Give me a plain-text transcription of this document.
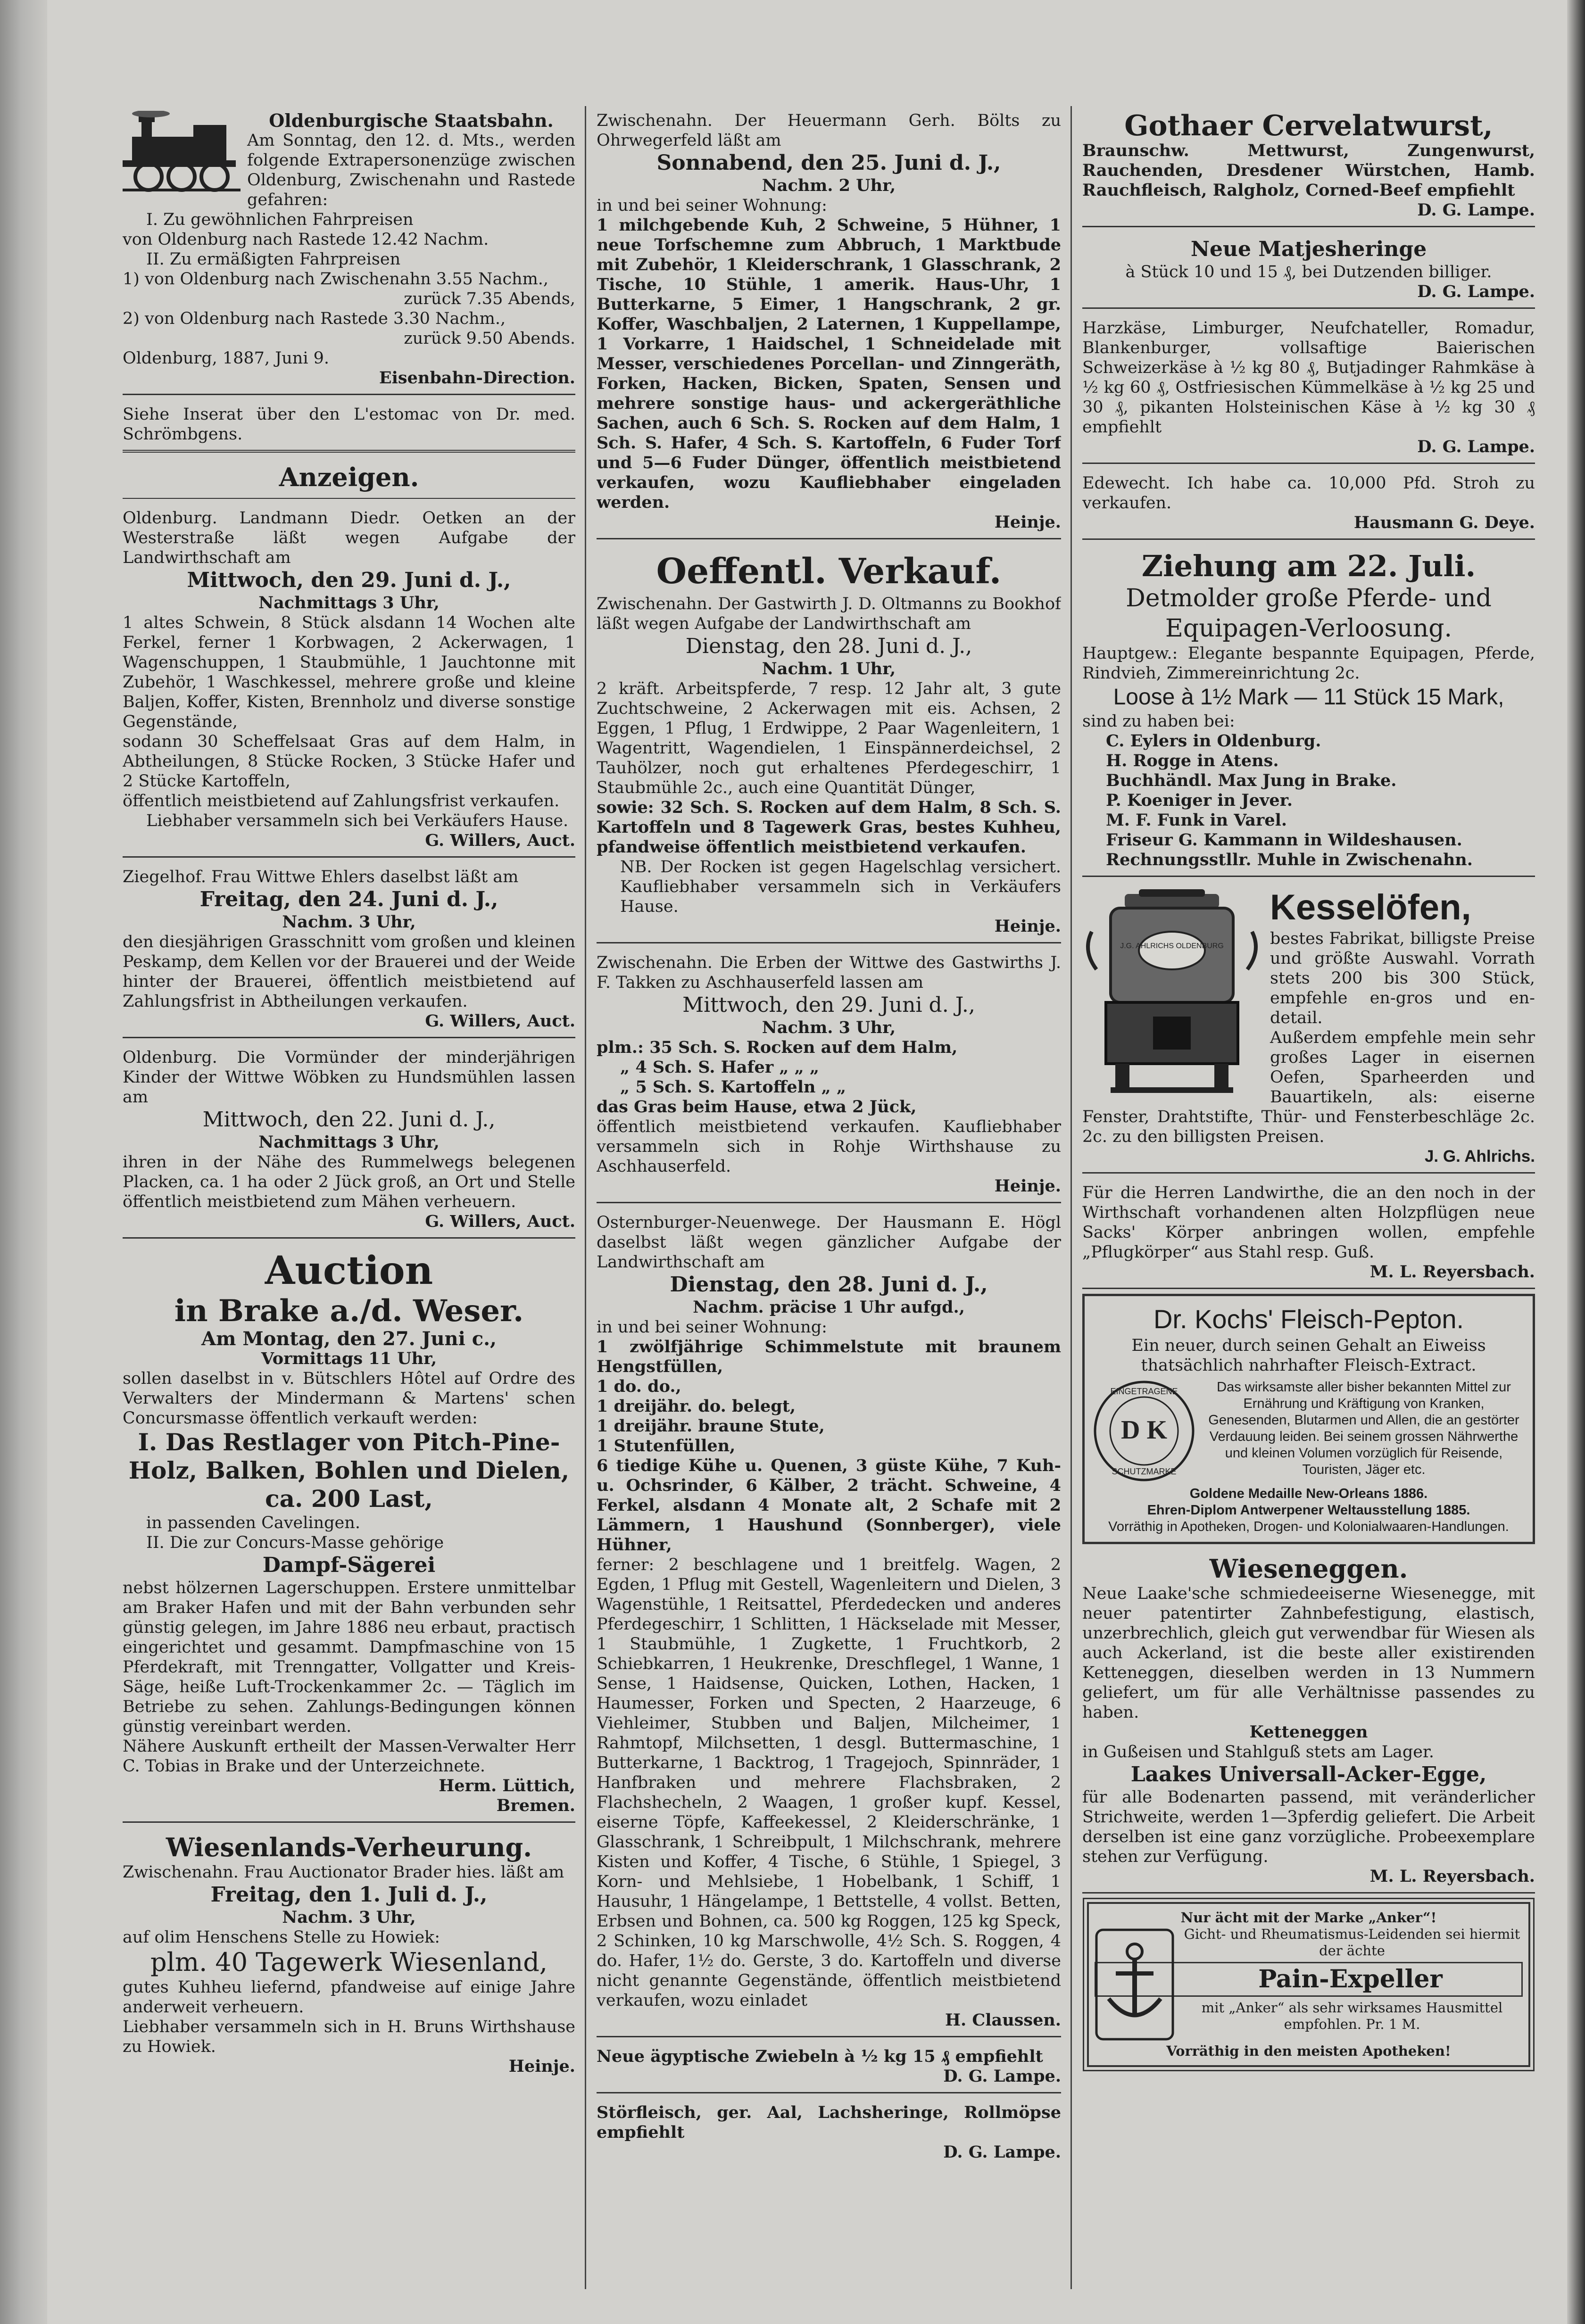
Oldenburgische Staatsbahn.

Am Sonntag, den 12. d. Mts., werden folgende Extrapersonenzüge zwischen Oldenburg, Zwischenahn und Rastede gefahren:

I. Zu gewöhnlichen Fahrpreisen

von Oldenburg nach Rastede 12.42 Nachm.

II. Zu ermäßigten Fahrpreisen

1) von Oldenburg nach Zwischenahn 3.55 Nachm.,

zurück 7.35 Abends,

2) von Oldenburg nach Rastede 3.30 Nachm.,

zurück 9.50 Abends.

Oldenburg, 1887, Juni 9.

Eisenbahn-Direction.

Siehe Inserat über den L'estomac von Dr. med. Schrömbgens.

Anzeigen.

Oldenburg. Landmann Diedr. Oetken an der Westerstraße läßt wegen Aufgabe der Landwirthschaft am

Mittwoch, den 29. Juni d. J.,

Nachmittags 3 Uhr,

1 altes Schwein, 8 Stück alsdann 14 Wochen alte Ferkel, ferner 1 Korbwagen, 2 Ackerwagen, 1 Wagenschuppen, 1 Staubmühle, 1 Jauchtonne mit Zubehör, 1 Waschkessel, mehrere große und kleine Baljen, Koffer, Kisten, Brennholz und diverse sonstige Gegenstände,

sodann 30 Scheffelsaat Gras auf dem Halm, in Abtheilungen, 8 Stücke Rocken, 3 Stücke Hafer und 2 Stücke Kartoffeln,

öffentlich meistbietend auf Zahlungsfrist verkaufen.

Liebhaber versammeln sich bei Verkäufers Hause.

G. Willers, Auct.

Ziegelhof. Frau Wittwe Ehlers daselbst läßt am

Freitag, den 24. Juni d. J.,

Nachm. 3 Uhr,

den diesjährigen Grasschnitt vom großen und kleinen Peskamp, dem Kellen vor der Brauerei und der Weide hinter der Brauerei, öffentlich meistbietend auf Zahlungsfrist in Abtheilungen verkaufen.

G. Willers, Auct.

Oldenburg. Die Vormünder der minderjährigen Kinder der Wittwe Wöbken zu Hundsmühlen lassen am

Mittwoch, den 22. Juni d. J.,

Nachmittags 3 Uhr,

ihren in der Nähe des Rummelwegs belegenen Placken, ca. 1 ha oder 2 Jück groß, an Ort und Stelle öffentlich meistbietend zum Mähen verheuern.

G. Willers, Auct.

Auction

in Brake a./d. Weser.

Am Montag, den 27. Juni c.,

Vormittags 11 Uhr,

sollen daselbst in v. Bütschlers Hôtel auf Ordre des Verwalters der Mindermann & Martens' schen Concursmasse öffentlich verkauft werden:

I. Das Restlager von Pitch-Pine-Holz, Balken, Bohlen und Dielen, ca. 200 Last,

in passenden Cavelingen.

II. Die zur Concurs-Masse gehörige

Dampf-Sägerei

nebst hölzernen Lagerschuppen. Erstere unmittelbar am Braker Hafen und mit der Bahn verbunden sehr günstig gelegen, im Jahre 1886 neu erbaut, practisch eingerichtet und gesammt. Dampfmaschine von 15 Pferdekraft, mit Trenngatter, Vollgatter und Kreis-Säge, heiße Luft-Trockenkammer 2c. — Täglich im Betriebe zu sehen. Zahlungs-Bedingungen können günstig vereinbart werden.

Nähere Auskunft ertheilt der Massen-Verwalter Herr C. Tobias in Brake und der Unterzeichnete.

Herm. Lüttich,

Bremen.

Wiesenlands-Verheurung.

Zwischenahn. Frau Auctionator Brader hies. läßt am

Freitag, den 1. Juli d. J.,

Nachm. 3 Uhr,

auf olim Henschens Stelle zu Howiek:

plm. 40 Tagewerk Wiesenland,

gutes Kuhheu liefernd, pfandweise auf einige Jahre anderweit verheuern.

Liebhaber versammeln sich in H. Bruns Wirthshause zu Howiek.

Heinje.

Zwischenahn. Der Heuermann Gerh. Bölts zu Ohrwegerfeld läßt am

Sonnabend, den 25. Juni d. J.,

Nachm. 2 Uhr,

in und bei seiner Wohnung:

1 milchgebende Kuh, 2 Schweine, 5 Hühner, 1 neue Torfschemne zum Abbruch, 1 Marktbude mit Zubehör, 1 Kleiderschrank, 1 Glasschrank, 2 Tische, 10 Stühle, 1 amerik. Haus-Uhr, 1 Butterkarne, 5 Eimer, 1 Hangschrank, 2 gr. Koffer, Waschbaljen, 2 Laternen, 1 Kuppellampe, 1 Vorkarre, 1 Haidschel, 1 Schneidelade mit Messer, verschiedenes Porcellan- und Zinngeräth, Forken, Hacken, Bicken, Spaten, Sensen und mehrere sonstige haus- und ackergeräthliche Sachen, auch 6 Sch. S. Rocken auf dem Halm, 1 Sch. S. Hafer, 4 Sch. S. Kartoffeln, 6 Fuder Torf und 5—6 Fuder Dünger, öffentlich meistbietend verkaufen, wozu Kaufliebhaber eingeladen werden.

Heinje.

Oeffentl. Verkauf.

Zwischenahn. Der Gastwirth J. D. Oltmanns zu Bookhof läßt wegen Aufgabe der Landwirthschaft am

Dienstag, den 28. Juni d. J.,

Nachm. 1 Uhr,

2 kräft. Arbeitspferde, 7 resp. 12 Jahr alt, 3 gute Zuchtschweine, 2 Ackerwagen mit eis. Achsen, 2 Eggen, 1 Pflug, 1 Erdwippe, 2 Paar Wagenleitern, 1 Wagentritt, Wagendielen, 1 Einspännerdeichsel, 2 Tauhölzer, noch gut erhaltenes Pferdegeschirr, 1 Staubmühle 2c., auch eine Quantität Dünger,

sowie: 32 Sch. S. Rocken auf dem Halm, 8 Sch. S. Kartoffeln und 8 Tagewerk Gras, bestes Kuhheu, pfandweise öffentlich meistbietend verkaufen.

NB. Der Rocken ist gegen Hagelschlag versichert. Kaufliebhaber versammeln sich in Verkäufers Hause.

Heinje.

Zwischenahn. Die Erben der Wittwe des Gastwirths J. F. Takken zu Aschhauserfeld lassen am

Mittwoch, den 29. Juni d. J.,

Nachm. 3 Uhr,

plm.: 35 Sch. S. Rocken auf dem Halm,

„ 4 Sch. S. Hafer „ „ „

„ 5 Sch. S. Kartoffeln „ „

das Gras beim Hause, etwa 2 Jück,

öffentlich meistbietend verkaufen. Kaufliebhaber versammeln sich in Rohje Wirthshause zu Aschhauserfeld.

Heinje.

Osternburger-Neuenwege. Der Hausmann E. Högl daselbst läßt wegen gänzlicher Aufgabe der Landwirthschaft am

Dienstag, den 28. Juni d. J.,

Nachm. präcise 1 Uhr aufgd.,

in und bei seiner Wohnung:

1 zwölfjährige Schimmelstute mit braunem Hengstfüllen,

1 do. do.,

1 dreijähr. do. belegt,

1 dreijähr. braune Stute,

1 Stutenfüllen,

6 tiedige Kühe u. Quenen, 3 güste Kühe, 7 Kuh- u. Ochsrinder, 6 Kälber, 2 trächt. Schweine, 4 Ferkel, alsdann 4 Monate alt, 2 Schafe mit 2 Lämmern, 1 Haushund (Sonnberger), viele Hühner,

ferner: 2 beschlagene und 1 breitfelg. Wagen, 2 Egden, 1 Pflug mit Gestell, Wagenleitern und Dielen, 3 Wagenstühle, 1 Reitsattel, Pferdedecken und anderes Pferdegeschirr, 1 Schlitten, 1 Häckselade mit Messer, 1 Staubmühle, 1 Zugkette, 1 Fruchtkorb, 2 Schiebkarren, 1 Heukrenke, Dreschflegel, 1 Wanne, 1 Sense, 1 Haidsense, Quicken, Lothen, Hacken, 1 Haumesser, Forken und Specten, 2 Haarzeuge, 6 Viehleimer, Stubben und Baljen, Milcheimer, 1 Rahmtopf, Milchsetten, 1 desgl. Buttermaschine, 1 Butterkarne, 1 Backtrog, 1 Tragejoch, Spinnräder, 1 Hanfbraken und mehrere Flachsbraken, 2 Flachshecheln, 2 Waagen, 1 großer kupf. Kessel, eiserne Töpfe, Kaffeekessel, 2 Kleiderschränke, 1 Glasschrank, 1 Schreibpult, 1 Milchschrank, mehrere Kisten und Koffer, 4 Tische, 6 Stühle, 1 Spiegel, 3 Korn- und Mehlsiebe, 1 Hobelbank, 1 Schiff, 1 Hausuhr, 1 Hängelampe, 1 Bettstelle, 4 vollst. Betten, Erbsen und Bohnen, ca. 500 kg Roggen, 125 kg Speck, 2 Schinken, 10 kg Marschwolle, 4½ Sch. S. Roggen, 4 do. Hafer, 1½ do. Gerste, 3 do. Kartoffeln und diverse nicht genannte Gegenstände, öffentlich meistbietend verkaufen, wozu einladet

H. Claussen.

Neue ägyptische Zwiebeln à ½ kg 15 ₰ empfiehlt

D. G. Lampe.

Störfleisch, ger. Aal, Lachsheringe, Rollmöpse empfiehlt

D. G. Lampe.

Gothaer Cervelatwurst,

Braunschw. Mettwurst, Zungenwurst, Rauchenden, Dresdener Würstchen, Hamb. Rauchfleisch, Ralgholz, Corned-Beef empfiehlt

D. G. Lampe.

Neue Matjesheringe

à Stück 10 und 15 ₰, bei Dutzenden billiger.

D. G. Lampe.

Harzkäse, Limburger, Neufchateller, Romadur, Blankenburger, vollsaftige Baierischen Schweizerkäse à ½ kg 80 ₰, Butjadinger Rahmkäse à ½ kg 60 ₰, Ostfriesischen Kümmelkäse à ½ kg 25 und 30 ₰, pikanten Holsteinischen Käse à ½ kg 30 ₰ empfiehlt

D. G. Lampe.

Edewecht. Ich habe ca. 10,000 Pfd. Stroh zu verkaufen.

Hausmann G. Deye.

Ziehung am 22. Juli.

Detmolder große Pferde- und

Equipagen-Verloosung.

Hauptgew.: Elegante bespannte Equipagen, Pferde, Rindvieh, Zimmereinrichtung 2c.

Loose à 1½ Mark — 11 Stück 15 Mark,

sind zu haben bei:

C. Eylers in Oldenburg.

H. Rogge in Atens.

Buchhändl. Max Jung in Brake.

P. Koeniger in Jever.

M. F. Funk in Varel.

Friseur G. Kammann in Wildeshausen.

Rechnungsstllr. Muhle in Zwischenahn.

J.G. AHLRICHS OLDENBURG

Kesselöfen,

bestes Fabrikat, billigste Preise und größte Auswahl. Vorrath stets 200 bis 300 Stück, empfehle en-gros und en-detail.

Außerdem empfehle mein sehr großes Lager in eisernen Oefen, Sparheerden und Bauartikeln, als: eiserne Fenster, Drahtstifte, Thür- und Fensterbeschläge 2c. 2c. zu den billigsten Preisen.

J. G. Ahlrichs.

Für die Herren Landwirthe, die an den noch in der Wirthschaft vorhandenen alten Holzpflügen neue Sacks' Körper anbringen wollen, empfehle „Pflugkörper“ aus Stahl resp. Guß.

M. L. Reyersbach.

Dr. Kochs' Fleisch-Pepton.

Ein neuer, durch seinen Gehalt an Eiweiss thatsächlich nahrhafter Fleisch-Extract.

EINGETRAGENE
D K
SCHUTZMARKE

Das wirksamste aller bisher bekannten Mittel zur Ernährung und Kräftigung von Kranken, Genesenden, Blutarmen und Allen, die an gestörter Verdauung leiden. Bei seinem grossen Nährwerthe und kleinen Volumen vorzüglich für Reisende, Touristen, Jäger etc.

Goldene Medaille New-Orleans 1886.

Ehren-Diplom Antwerpener Weltausstellung 1885.

Vorräthig in Apotheken, Drogen- und Kolonialwaaren-Handlungen.

Wieseneggen.

Neue Laake'sche schmiedeeiserne Wiesenegge, mit neuer patentirter Zahnbefestigung, elastisch, unzerbrechlich, gleich gut verwendbar für Wiesen als auch Ackerland, ist die beste aller existirenden Ketteneggen, dieselben werden in 13 Nummern geliefert, um für alle Verhältnisse passendes zu haben.

Ketteneggen

in Gußeisen und Stahlguß stets am Lager.

Laakes Universall-Acker-Egge,

für alle Bodenarten passend, mit veränderlicher Strichweite, werden 1—3pferdig geliefert. Die Arbeit derselben ist eine ganz vorzügliche. Probeexemplare stehen zur Verfügung.

M. L. Reyersbach.

Nur ächt mit der Marke „Anker“!

Gicht- und Rheumatismus-Leidenden sei hiermit der ächte

Pain-Expeller

mit „Anker“ als sehr wirksames Hausmittel empfohlen. Pr. 1 M.

Vorräthig in den meisten Apotheken!
